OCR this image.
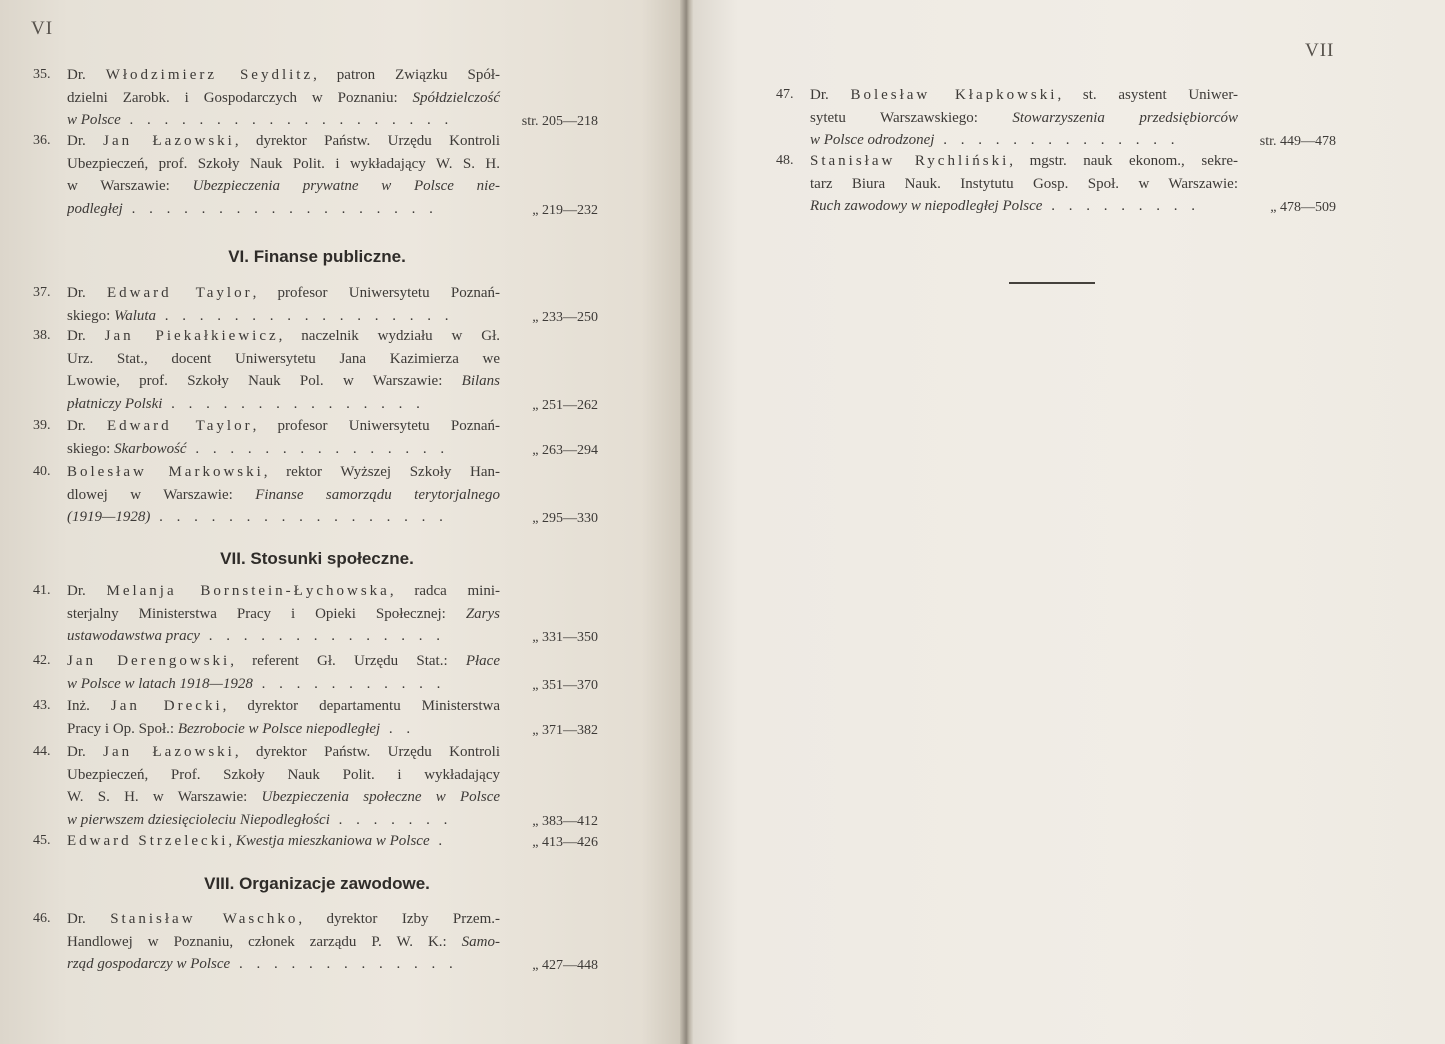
VI
35. Dr. Włodzimierz Seydlitz, patron Związku Spół-
dzielni Zarobk. i Gospodarczych w Poznaniu: Spółdzielczość
w Polsce . . . . . . . . . . . . . . . . . . .	str. 205—218
36. Dr. Jan Łazowski, dyrektor Państw. Urzędu Kontroli
Ubezpieczeń, prof. Szkoły Nauk Polit. i wykładający W. S. H.
w Warszawie: Ubezpieczenia prywatne w Polsce nie-
podległej . . . . . . . . . . . . . . . . . .	„ 219—232
VI. Finanse publiczne.
37. Dr. Edward Taylor, profesor Uniwersytetu Poznań-
skiego: Waluta . . . . . . . . . . . . . . . . .	„ 233—250
38. Dr. Jan Piekałkiewicz, naczelnik wydziału w Gł.
Urz. Stat., docent Uniwersytetu Jana Kazimierza we
Lwowie, prof. Szkoły Nauk Pol. w Warszawie: Bilans
płatniczy Polski . . . . . . . . . . . . . . .	„ 251—262
39. Dr. Edward Taylor, profesor Uniwersytetu Poznań-
skiego: Skarbowość . . . . . . . . . . . . . . .	„ 263—294
40. Bolesław Markowski, rektor Wyższej Szkoły Han-
dlowej w Warszawie: Finanse samorządu terytorjalnego
(1919—1928) . . . . . . . . . . . . . . . . .	„ 295—330
VII. Stosunki społeczne.
41. Dr. Melanja Bornstein-Łychowska, radca mini-
sterjalny Ministerstwa Pracy i Opieki Społecznej: Zarys
ustawodawstwa pracy . . . . . . . . . . . . . .	„ 331—350
42. Jan Derengowski, referent Gł. Urzędu Stat.: Płace
w Polsce w latach 1918—1928 . . . . . . . . . . .	„ 351—370
43. Inż. Jan Drecki, dyrektor departamentu Ministerstwa
Pracy i Op. Społ.: Bezrobocie w Polsce niepodległej . .	„ 371—382
44. Dr. Jan Łazowski, dyrektor Państw. Urzędu Kontroli
Ubezpieczeń, Prof. Szkoły Nauk Polit. i wykładający
W. S. H. w Warszawie: Ubezpieczenia społeczne w Polsce
w pierwszem dziesięcioleciu Niepodległości . . . . . . .	„ 383—412
45. Edward Strzelecki, Kwestja mieszkaniowa w Polsce .	„ 413—426
VIII. Organizacje zawodowe.
46. Dr. Stanisław Waschko, dyrektor Izby Przem.-
Handlowej w Poznaniu, członek zarządu P. W. K.: Samo-
rząd gospodarczy w Polsce . . . . . . . . . . . . .	„ 427—448
VII
47. Dr. Bolesław Kłapkowski, st. asystent Uniwer-
sytetu Warszawskiego: Stowarzyszenia przedsiębiorców
w Polsce odrodzonej . . . . . . . . . . . . . .	str. 449—478
48. Stanisław Rychliński, mgstr. nauk ekonom., sekre-
tarz Biura Nauk. Instytutu Gosp. Społ. w Warszawie:
Ruch zawodowy w niepodległej Polsce . . . . . . . . .	„ 478—509
